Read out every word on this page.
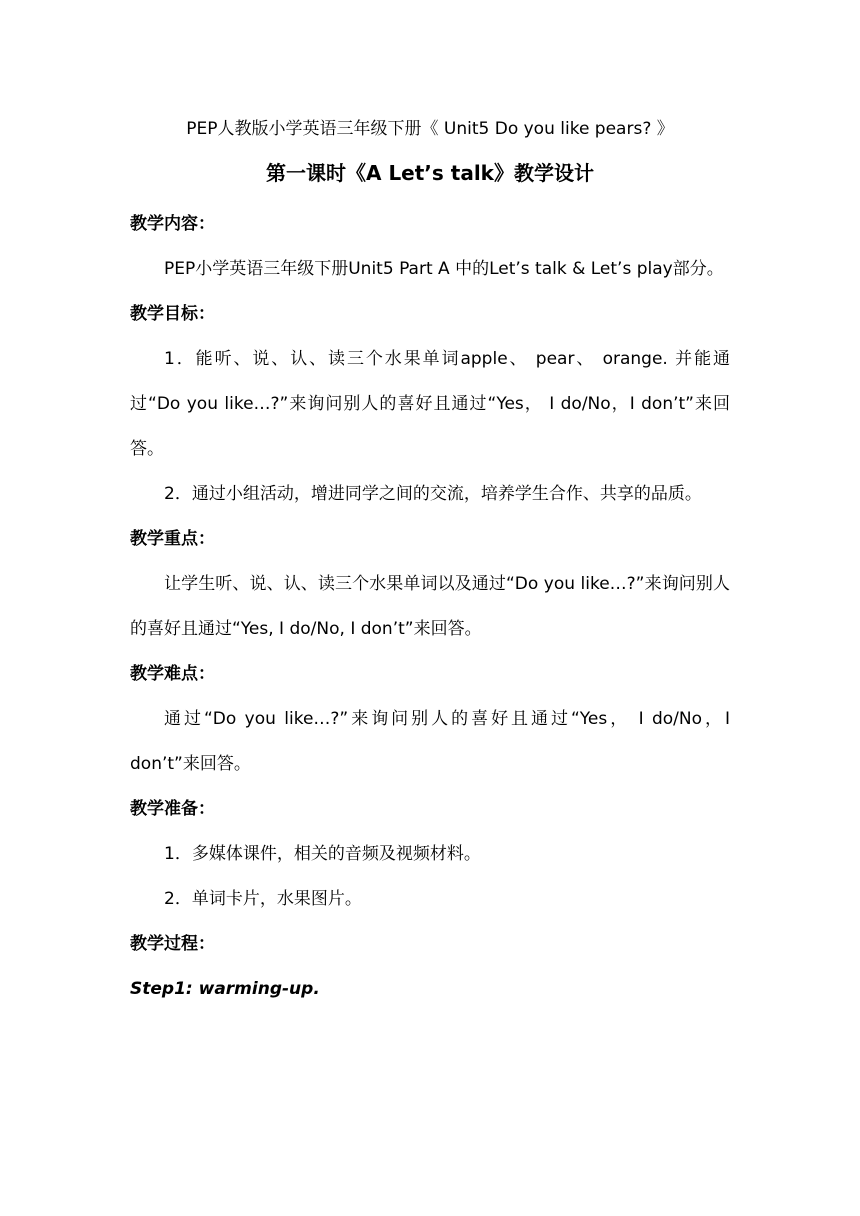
PEP人教版小学英语三年级下册《 Unit5 Do you like pears? 》
第一课时《A Let’s talk》教学设计
教学内容：
PEP小学英语三年级下册Unit5 Part A 中的Let’s talk & Let’s play部分。
教学目标：
1．能听、说、认、读三个水果单词apple、 pear、 orange. 并能通过“Do you like…?”来询问别人的喜好且通过“Yes， I do/No，I don’t”来回答。
2．通过小组活动，增进同学之间的交流，培养学生合作、共享的品质。
教学重点：
让学生听、说、认、读三个水果单词以及通过“Do you like…?”来询问别人的喜好且通过“Yes, I do/No, I don’t”来回答。
教学难点：
通过“Do you like…?”来询问别人的喜好且通过“Yes， I do/No，I don’t”来回答。
教学准备：
1．多媒体课件，相关的音频及视频材料。
2．单词卡片，水果图片。
教学过程：
Step1: warming-up.
